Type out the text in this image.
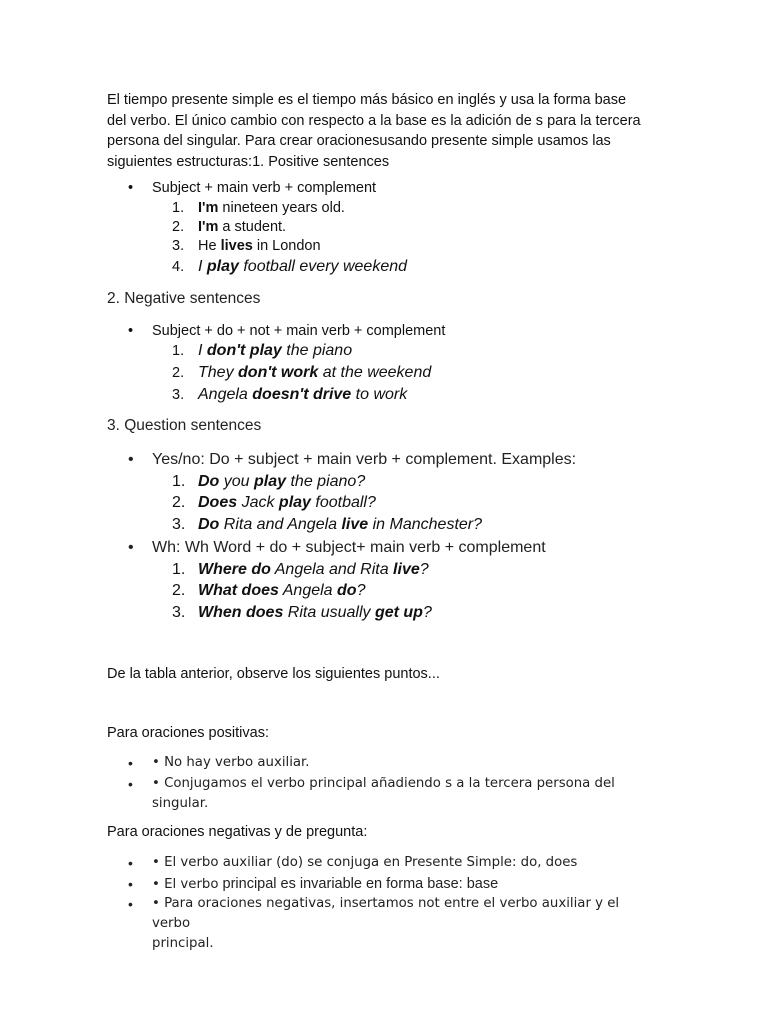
El tiempo presente simple es el tiempo más básico en inglés y usa la forma base
del verbo. El único cambio con respecto a la base es la adición de s para la tercera
persona del singular. Para crear oracionesusando presente simple usamos las
siguientes estructuras:1. Positive sentences
• Subject + main verb + complement
1. I'm nineteen years old.
2. I'm a student.
3. He lives in London
4. I play football every weekend
2. Negative sentences
• Subject + do + not + main verb + complement
1. I don't play the piano
2. They don't work at the weekend
3. Angela doesn't drive to work
3. Question sentences
• Yes/no: Do + subject + main verb + complement. Examples:
1. Do you play the piano?
2. Does Jack play football?
3. Do Rita and Angela live in Manchester?
• Wh: Wh Word + do + subject+ main verb + complement
1. Where do Angela and Rita live?
2. What does Angela do?
3. When does Rita usually get up?
De la tabla anterior, observe los siguientes puntos...
Para oraciones positivas:
• • No hay verbo auxiliar.
• • Conjugamos el verbo principal añadiendo s a la tercera persona del
singular.
Para oraciones negativas y de pregunta:
• • El verbo auxiliar (do) se conjuga en Presente Simple: do, does
• • El verbo principal es invariable en forma base: base
• • Para oraciones negativas, insertamos not entre el verbo auxiliar y el verbo
principal.
